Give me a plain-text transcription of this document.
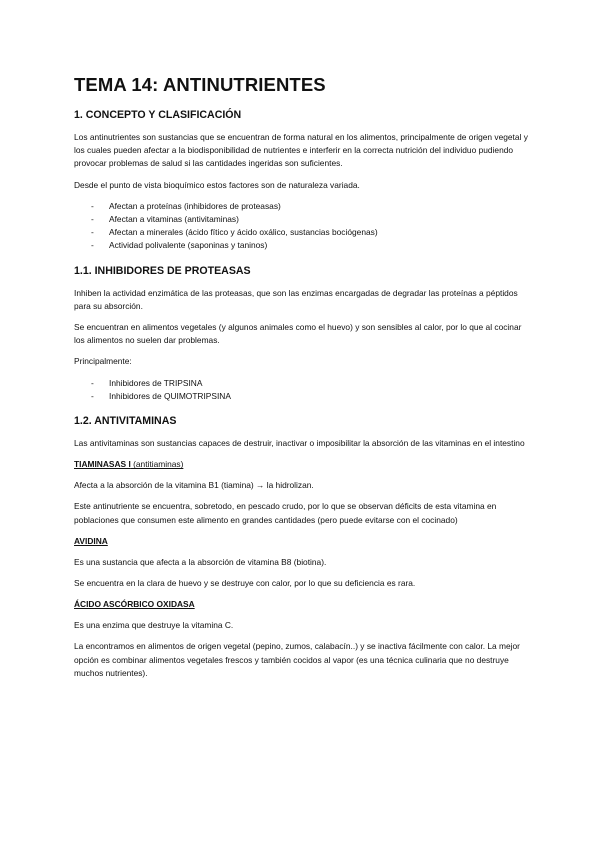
TEMA 14: ANTINUTRIENTES
1. CONCEPTO Y CLASIFICACIÓN

Los antinutrientes son sustancias que se encuentran de forma natural en los alimentos, principalmente de origen vegetal y los cuales pueden afectar a la biodisponibilidad de nutrientes e interferir en la correcta nutrición del individuo pudiendo provocar problemas de salud si las cantidades ingeridas son suficientes.

Desde el punto de vista bioquímico estos factores son de naturaleza variada.

- Afectan a proteínas (inhibidores de proteasas)
- Afectan a vitaminas (antivitaminas)
- Afectan a minerales (ácido fítico y ácido oxálico, sustancias bociógenas)
- Actividad polivalente (saponinas y taninos)
1.1. INHIBIDORES DE PROTEASAS

Inhiben la actividad enzimática de las proteasas, que son las enzimas encargadas de degradar las proteínas a péptidos para su absorción.

Se encuentran en alimentos vegetales (y algunos animales como el huevo) y son sensibles al calor, por lo que al cocinar los alimentos no suelen dar problemas.

Principalmente:

- Inhibidores de TRIPSINA
- Inhibidores de QUIMOTRIPSINA
1.2. ANTIVITAMINAS

Las antivitaminas son sustancias capaces de destruir, inactivar o imposibilitar la absorción de las vitaminas en el intestino

TIAMINASAS I (antitiaminas)

Afecta a la absorción de la vitamina B1 (tiamina) → la hidrolizan.

Este antinutriente se encuentra, sobretodo, en pescado crudo, por lo que se observan déficits de esta vitamina en poblaciones que consumen este alimento en grandes cantidades (pero puede evitarse con el cocinado)

AVIDINA

Es una sustancia que afecta a la absorción de vitamina B8 (biotina).

Se encuentra en la clara de huevo y se destruye con calor, por lo que su deficiencia es rara.

ÁCIDO ASCÓRBICO OXIDASA

Es una enzima que destruye la vitamina C.

La encontramos en alimentos de origen vegetal (pepino, zumos, calabacín..) y se inactiva fácilmente con calor. La mejor opción es combinar alimentos vegetales frescos y también cocidos al vapor (es una técnica culinaria que no destruye muchos nutrientes).
